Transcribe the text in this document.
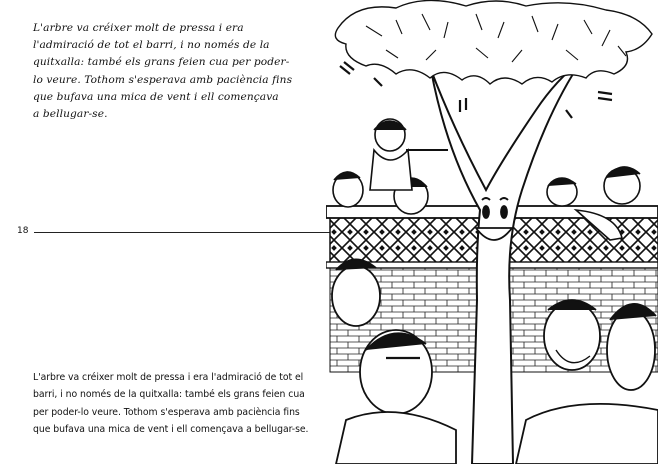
L'arbre va créixer molt de pressa i era
l'admiració de tot el barri, i no només de la
quitxalla: també els grans feien cua per poder-
lo veure. Tothom s'esperava amb paciència fins
que bufava una mica de vent i ell començava
a bellugar-se.
18
L'arbre va créixer molt de pressa i era l'admiració de tot el
barri, i no només de la quitxalla: també els grans feien cua
per poder-lo veure. Tothom s'esperava amb paciència fins
que bufava una mica de vent i ell començava a bellugar-se.
